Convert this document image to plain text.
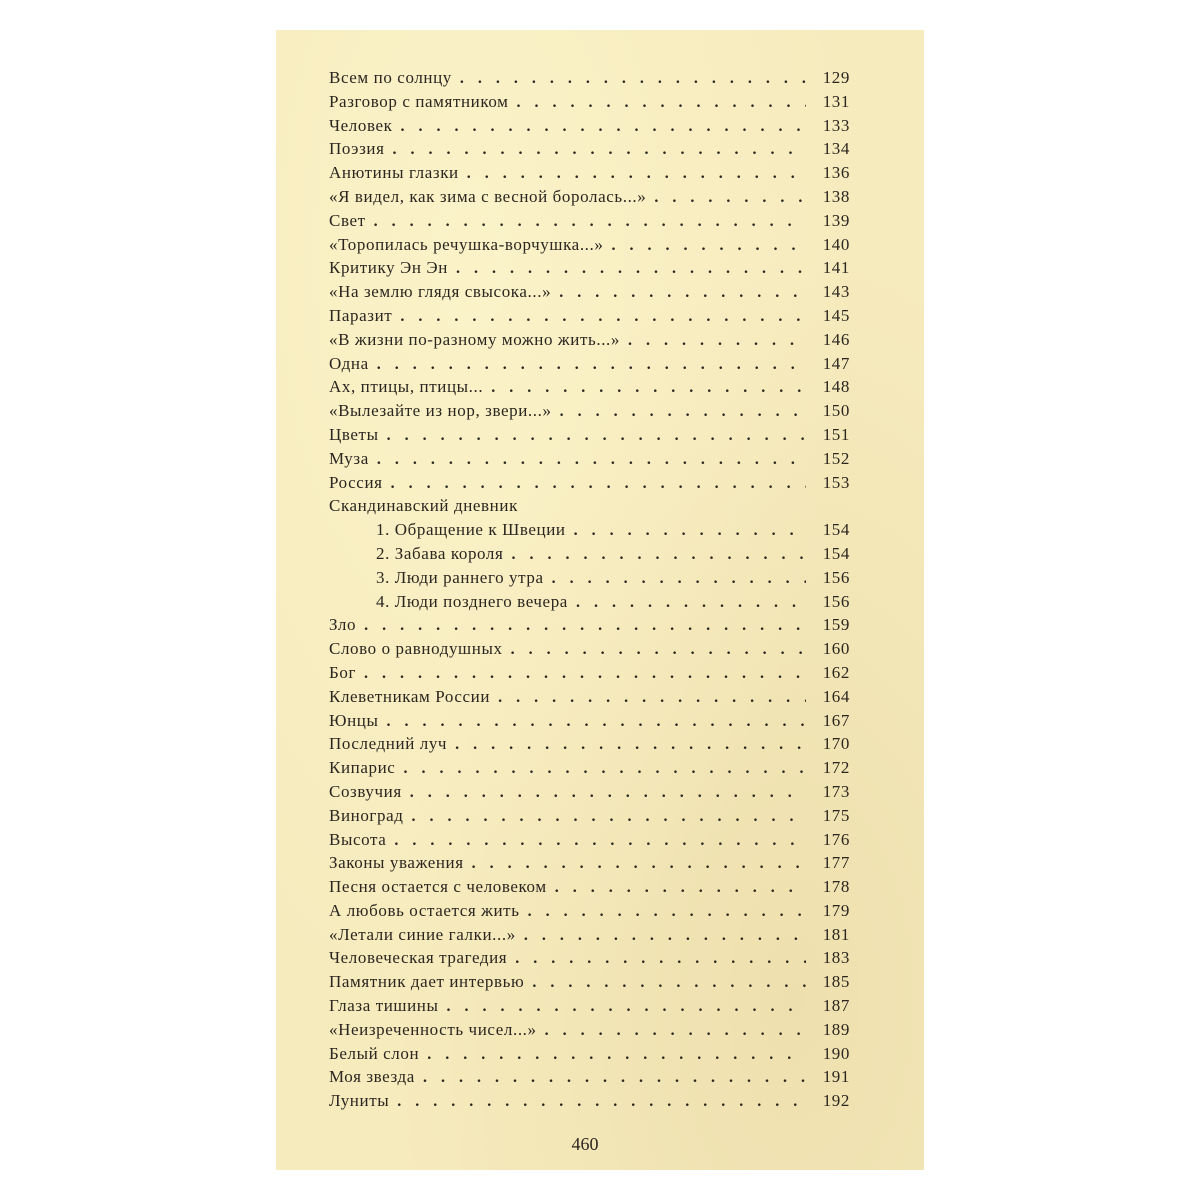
Всем по солнцу . . .	129
Разговор с памятником . . .	131
Человек . . .	133
Поэзия . . .	134
Анютины глазки . . .	136
«Я видел, как зима с весной боролась...» . . .	138
Свет . . .	139
«Торопилась речушка-ворчушка...» . . .	140
Критику Эн Эн . . .	141
«На землю глядя свысока...» . . .	143
Паразит . . .	145
«В жизни по-разному можно жить...» . . .	146
Одна . . .	147
Ах, птицы, птицы... . . .	148
«Вылезайте из нор, звери...» . . .	150
Цветы . . .	151
Муза . . .	152
Россия . . .	153
Скандинавский дневник
1. Обращение к Швеции . . .	154
2. Забава короля . . .	154
3. Люди раннего утра . . .	156
4. Люди позднего вечера . . .	156
Зло . . .	159
Слово о равнодушных . . .	160
Бог . . .	162
Клеветникам России . . .	164
Юнцы . . .	167
Последний луч . . .	170
Кипарис . . .	172
Созвучия . . .	173
Виноград . . .	175
Высота . . .	176
Законы уважения . . .	177
Песня остается с человеком . . .	178
А любовь остается жить . . .	179
«Летали синие галки...» . . .	181
Человеческая трагедия . . .	183
Памятник дает интервью . . .	185
Глаза тишины . . .	187
«Неизреченность чисел...» . . .	189
Белый слон . . .	190
Моя звезда . . .	191
Луниты . . .	192
460
